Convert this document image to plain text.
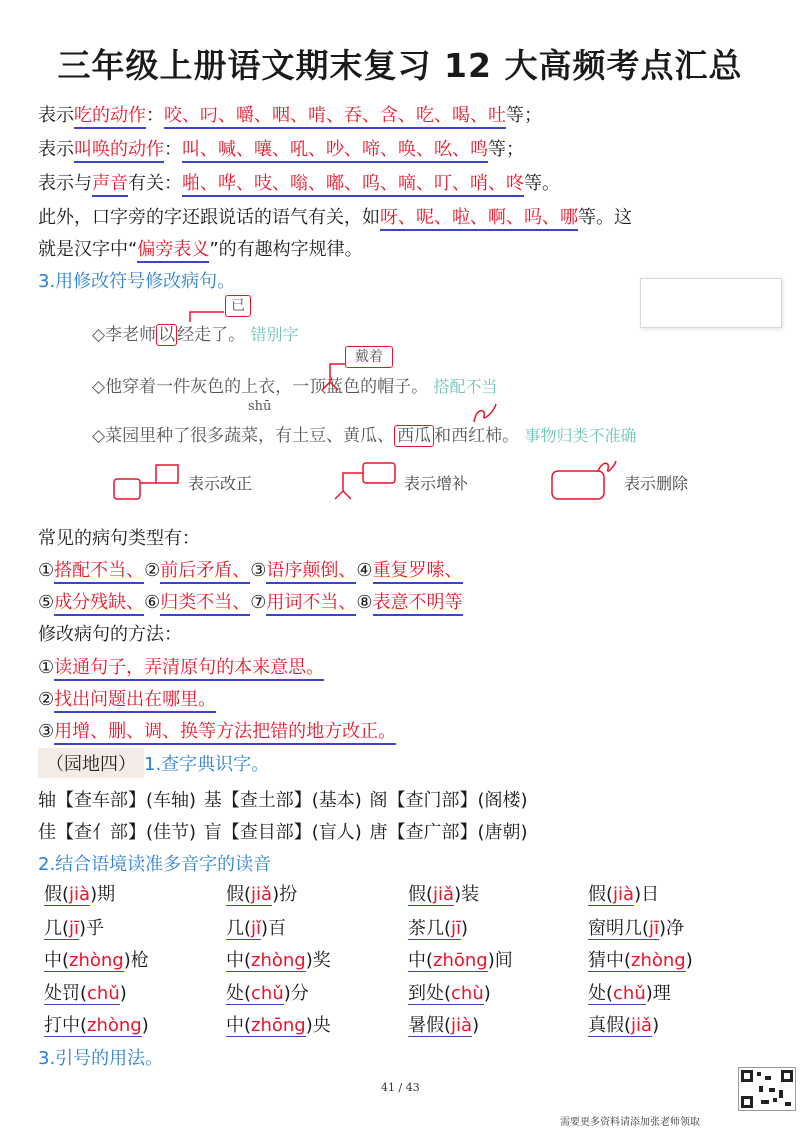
三年级上册语文期末复习 12 大高频考点汇总
表示吃的动作：咬、叼、嚼、咽、啃、吞、含、吃、喝、吐等；
表示叫唤的动作：叫、喊、嚷、吼、吵、啼、唤、吆、鸣等；
表示与声音有关：啪、哗、吱、嗡、嘟、呜、嘀、叮、哨、咚等。
此外，口字旁的字还跟说话的语气有关，如呀、呢、啦、啊、吗、哪等。这
就是汉字中“偏旁表义”的有趣构字规律。
3.用修改符号修改病句。
◇李老师 以 经走了。 错别字
已
◇他穿着一件灰色的上衣，一顶蓝色的帽子。 搭配不当
戴着
shū
◇菜园里种了很多蔬菜，有土豆、黄瓜、 西瓜 和西红柿。 事物归类不准确
表示改正	表示增补	表示删除
常见的病句类型有：
①搭配不当、②前后矛盾、③语序颠倒、④重复罗嗦、
⑤成分残缺、⑥归类不当、⑦用词不当、⑧表意不明等
修改病句的方法：
①读通句子，弄清原句的本来意思。
②找出问题出在哪里。
③用增、删、调、换等方法把错的地方改正。
（园地四） 1.查字典识字。
轴【查车部】(车轴) 基【查土部】(基本) 阁【查门部】(阁楼)
佳【查亻部】(佳节) 盲【查目部】(盲人) 唐【查广部】(唐朝)
2.结合语境读准多音字的读音
假(jià)期	假(jiǎ)扮	假(jiǎ)装	假(jià)日
几(jī)乎	几(jǐ)百	茶几(jī)	窗明几(jī)净
中(zhòng)枪	中(zhòng)奖	中(zhōng)间	猜中(zhòng)
处罚(chǔ)	处(chǔ)分	到处(chù)	处(chǔ)理
打中(zhòng)	中(zhōng)央	暑假(jià)	真假(jiǎ)
3.引号的用法。
41 / 43
需要更多资料请添加张老师领取
